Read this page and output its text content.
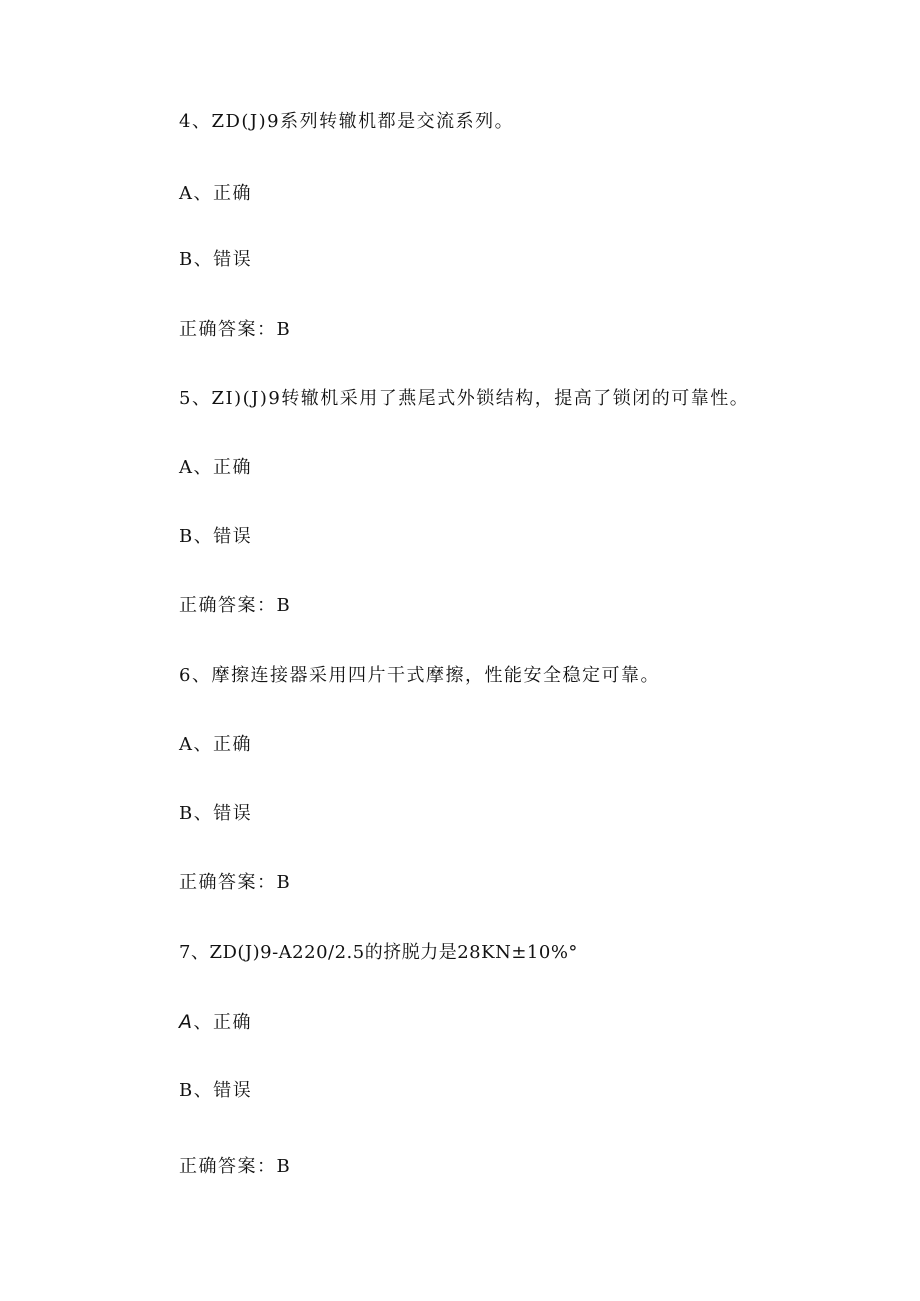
4、ZD(J)9系列转辙机都是交流系列。

A、正确

B、错误

正确答案：B

5、ZI)(J)9转辙机采用了燕尾式外锁结构，提高了锁闭的可靠性。

A、正确

B、错误

正确答案：B

6、摩擦连接器采用四片干式摩擦，性能安全稳定可靠。

A、正确

B、错误

正确答案：B

7、ZD(J)9-A220/2.5的挤脱力是28KN±10%°

A、正确

B、错误

正确答案：B
